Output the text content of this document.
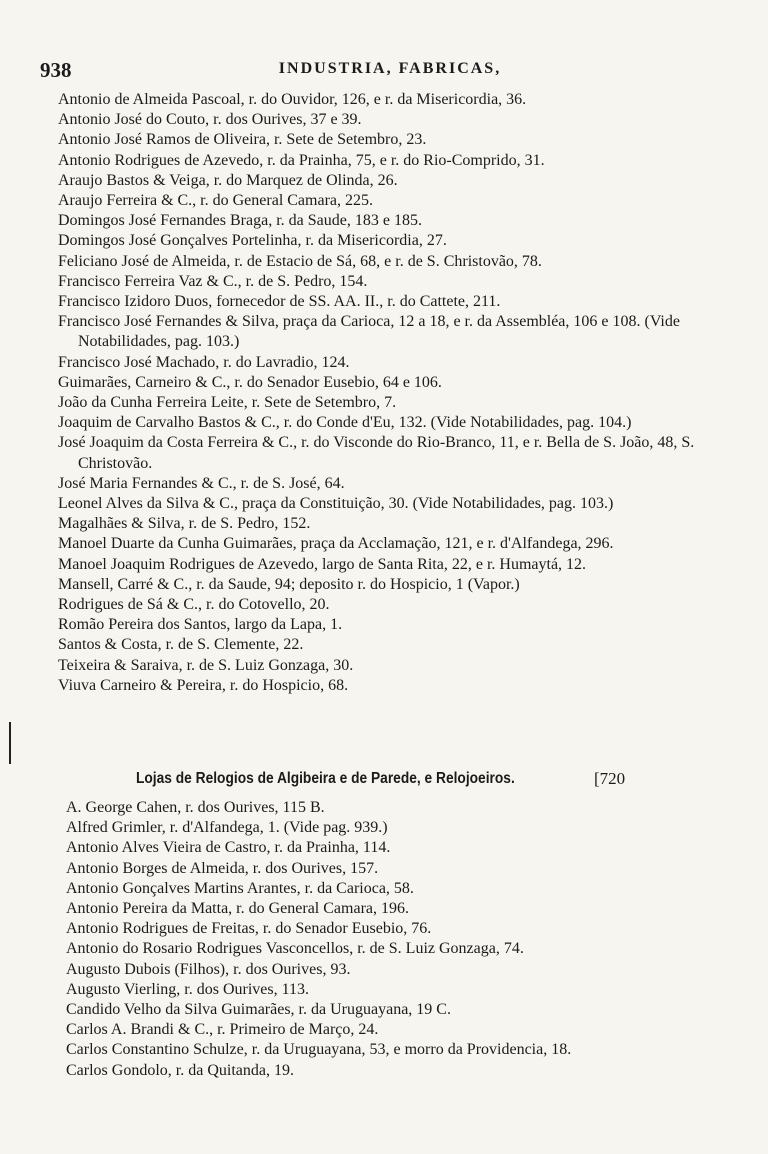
938	INDUSTRIA, FABRICAS,
Antonio de Almeida Pascoal, r. do Ouvidor, 126, e r. da Misericordia, 36.
Antonio José do Couto, r. dos Ourives, 37 e 39.
Antonio José Ramos de Oliveira, r. Sete de Setembro, 23.
Antonio Rodrigues de Azevedo, r. da Prainha, 75, e r. do Rio-Comprido, 31.
Araujo Bastos & Veiga, r. do Marquez de Olinda, 26.
Araujo Ferreira & C., r. do General Camara, 225.
Domingos José Fernandes Braga, r. da Saude, 183 e 185.
Domingos José Gonçalves Portelinha, r. da Misericordia, 27.
Feliciano José de Almeida, r. de Estacio de Sá, 68, e r. de S. Christovão, 78.
Francisco Ferreira Vaz & C., r. de S. Pedro, 154.
Francisco Izidoro Duos, fornecedor de SS. AA. II., r. do Cattete, 211.
Francisco José Fernandes & Silva, praça da Carioca, 12 a 18, e r. da Assembléa, 106 e 108. (Vide Notabilidades, pag. 103.)
Francisco José Machado, r. do Lavradio, 124.
Guimarães, Carneiro & C., r. do Senador Eusebio, 64 e 106.
João da Cunha Ferreira Leite, r. Sete de Setembro, 7.
Joaquim de Carvalho Bastos & C., r. do Conde d'Eu, 132. (Vide Notabilidades, pag. 104.)
José Joaquim da Costa Ferreira & C., r. do Visconde do Rio-Branco, 11, e r. Bella de S. João, 48, S. Christovão.
José Maria Fernandes & C., r. de S. José, 64.
Leonel Alves da Silva & C., praça da Constituição, 30. (Vide Notabilidades, pag. 103.)
Magalhães & Silva, r. de S. Pedro, 152.
Manoel Duarte da Cunha Guimarães, praça da Acclamação, 121, e r. d'Alfandega, 296.
Manoel Joaquim Rodrigues de Azevedo, largo de Santa Rita, 22, e r. Humaytá, 12.
Mansell, Carré & C., r. da Saude, 94; deposito r. do Hospicio, 1 (Vapor.)
Rodrigues de Sá & C., r. do Cotovello, 20.
Romão Pereira dos Santos, largo da Lapa, 1.
Santos & Costa, r. de S. Clemente, 22.
Teixeira & Saraiva, r. de S. Luiz Gonzaga, 30.
Viuva Carneiro & Pereira, r. do Hospicio, 68.
Lojas de Relogios de Algibeira e de Parede, e Relojoeiros.	[720
A. George Cahen, r. dos Ourives, 115 B.
Alfred Grimler, r. d'Alfandega, 1. (Vide pag. 939.)
Antonio Alves Vieira de Castro, r. da Prainha, 114.
Antonio Borges de Almeida, r. dos Ourives, 157.
Antonio Gonçalves Martins Arantes, r. da Carioca, 58.
Antonio Pereira da Matta, r. do General Camara, 196.
Antonio Rodrigues de Freitas, r. do Senador Eusebio, 76.
Antonio do Rosario Rodrigues Vasconcellos, r. de S. Luiz Gonzaga, 74.
Augusto Dubois (Filhos), r. dos Ourives, 93.
Augusto Vierling, r. dos Ourives, 113.
Candido Velho da Silva Guimarães, r. da Uruguayana, 19 C.
Carlos A. Brandi & C., r. Primeiro de Março, 24.
Carlos Constantino Schulze, r. da Uruguayana, 53, e morro da Providencia, 18.
Carlos Gondolo, r. da Quitanda, 19.
